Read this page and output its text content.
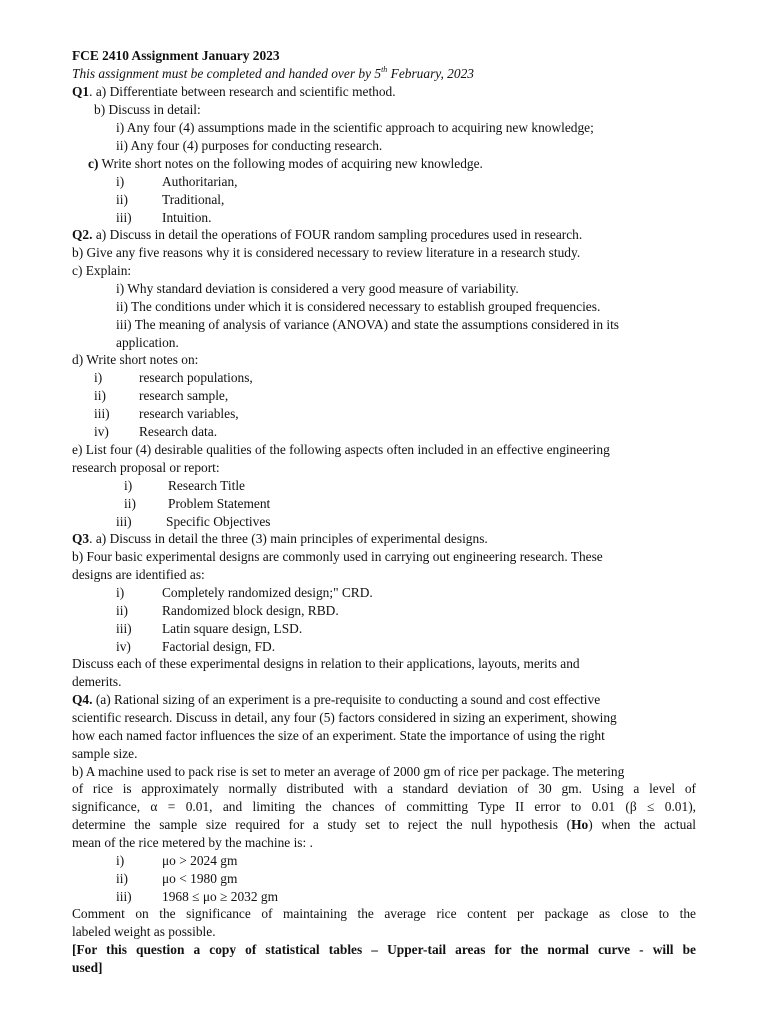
FCE 2410 Assignment January 2023
This assignment must be completed and handed over by 5th February, 2023
Q1. a) Differentiate between research and scientific method.
b) Discuss in detail:
i) Any four (4) assumptions made in the scientific approach to acquiring new knowledge;
ii) Any four (4) purposes for conducting research.
c) Write short notes on the following modes of acquiring new knowledge.
i)	Authoritarian,
ii)	Traditional,
iii) Intuition.
Q2. a) Discuss in detail the operations of FOUR random sampling procedures used in research.
b) Give any five reasons why it is considered necessary to review literature in a research study.
c) Explain:
i) Why standard deviation is considered a very good measure of variability.
ii) The conditions under which it is considered necessary to establish grouped frequencies.
iii) The meaning of analysis of variance (ANOVA) and state the assumptions considered in its
application.
d) Write short notes on:
i)	research populations,
ii) research sample,
iii) research variables,
iv) Research data.
e) List four (4) desirable qualities of the following aspects often included in an effective engineering
research proposal or report:
i)	Research Title
ii) Problem Statement
iii)	Specific Objectives
Q3. a) Discuss in detail the three (3) main principles of experimental designs.
b) Four basic experimental designs are commonly used in carrying out engineering research. These
designs are identified as:
i)	Completely randomized design;" CRD.
ii)	Randomized block design, RBD.
iii) Latin square design, LSD.
iv) Factorial design, FD.
Discuss each of these experimental designs in relation to their applications, layouts, merits and
demerits.
Q4. (a) Rational sizing of an experiment is a pre-requisite to conducting a sound and cost effective
scientific research. Discuss in detail, any four (5) factors considered in sizing an experiment, showing
how each named factor influences the size of an experiment. State the importance of using the right
sample size.
b) A machine used to pack rise is set to meter an average of 2000 gm of rice per package. The metering
of rice is approximately normally distributed with a standard deviation of 30 gm. Using a level of
significance, α = 0.01, and limiting the chances of committing Type II error to 0.01 (β ≤ 0.01),
determine the sample size required for a study set to reject the null hypothesis (Ho) when the actual
mean of the rice metered by the machine is: .
i)	μo > 2024 gm
ii)	μo < 1980 gm
iii) 1968 ≤ μo ≥ 2032 gm
Comment on the significance of maintaining the average rice content per package as close to the
labeled weight as possible.
[For this question a copy of statistical tables – Upper-tail areas for the normal curve - will be
used]
